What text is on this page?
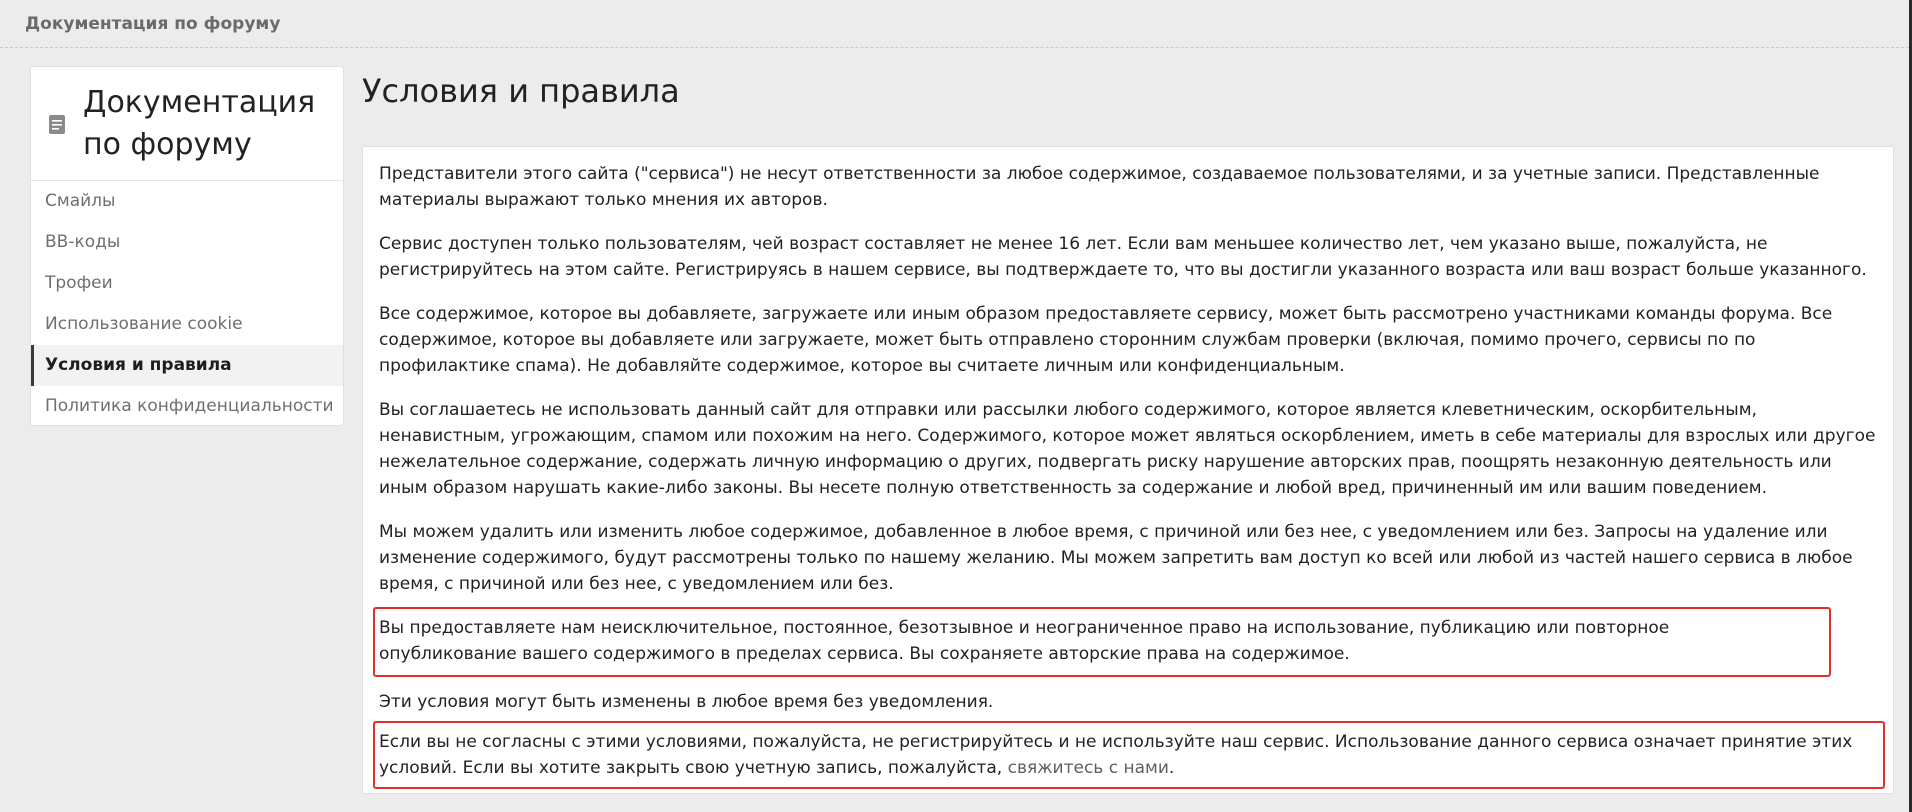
Документация по форуму
Документация по форуму
Смайлы
BB-коды
Трофеи
Использование cookie
Условия и правила
Политика конфиденциальности
Условия и правила

Представители этого сайта ("сервиса") не несут ответственности за любое содержимое, создаваемое пользователями, и за учетные записи. Представленные материалы выражают только мнения их авторов.

Сервис доступен только пользователям, чей возраст составляет не менее 16 лет. Если вам меньшее количество лет, чем указано выше, пожалуйста, не регистрируйтесь на этом сайте. Регистрируясь в нашем сервисе, вы подтверждаете то, что вы достигли указанного возраста или ваш возраст больше указанного.

Все содержимое, которое вы добавляете, загружаете или иным образом предоставляете сервису, может быть рассмотрено участниками команды форума. Все содержимое, которое вы добавляете или загружаете, может быть отправлено сторонним службам проверки (включая, помимо прочего, сервисы по по профилактике спама). Не добавляйте содержимое, которое вы считаете личным или конфиденциальным.

Вы соглашаетесь не использовать данный сайт для отправки или рассылки любого содержимого, которое является клеветническим, оскорбительным, ненавистным, угрожающим, спамом или похожим на него. Содержимого, которое может являться оскорблением, иметь в себе материалы для взрослых или другое нежелательное содержание, содержать личную информацию о других, подвергать риску нарушение авторских прав, поощрять незаконную деятельность или иным образом нарушать какие-либо законы. Вы несете полную ответственность за содержание и любой вред, причиненный им или вашим поведением.

Мы можем удалить или изменить любое содержимое, добавленное в любое время, с причиной или без нее, с уведомлением или без. Запросы на удаление или изменение содержимого, будут рассмотрены только по нашему желанию. Мы можем запретить вам доступ ко всей или любой из частей нашего сервиса в любое время, с причиной или без нее, с уведомлением или без.

Вы предоставляете нам неисключительное, постоянное, безотзывное и неограниченное право на использование, публикацию или повторное опубликование вашего содержимого в пределах сервиса. Вы сохраняете авторские права на содержимое.

Эти условия могут быть изменены в любое время без уведомления.

Если вы не согласны с этими условиями, пожалуйста, не регистрируйтесь и не используйте наш сервис. Использование данного сервиса означает принятие этих условий. Если вы хотите закрыть свою учетную запись, пожалуйста, свяжитесь с нами.
